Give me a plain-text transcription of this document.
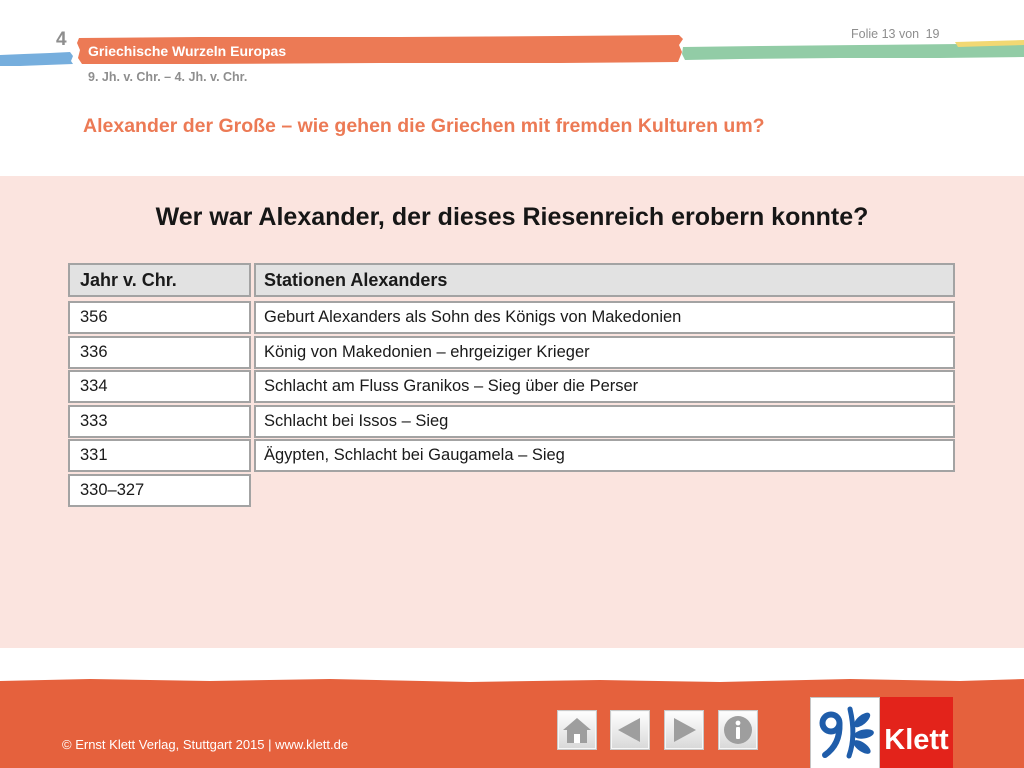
4
Griechische Wurzeln Europas
Folie 13 von 19
9. Jh. v. Chr. – 4. Jh. v. Chr.
Alexander der Große – wie gehen die Griechen mit fremden Kulturen um?
Wer war Alexander, der dieses Riesenreich erobern konnte?
Jahr v. Chr.	Stationen Alexanders
356	Geburt Alexanders als Sohn des Königs von Makedonien
336	König von Makedonien – ehrgeiziger Krieger
334	Schlacht am Fluss Granikos – Sieg über die Perser
333	Schlacht bei Issos – Sieg
331	Ägypten, Schlacht bei Gaugamela – Sieg
330–327
© Ernst Klett Verlag, Stuttgart 2015 | www.klett.de	Klett
